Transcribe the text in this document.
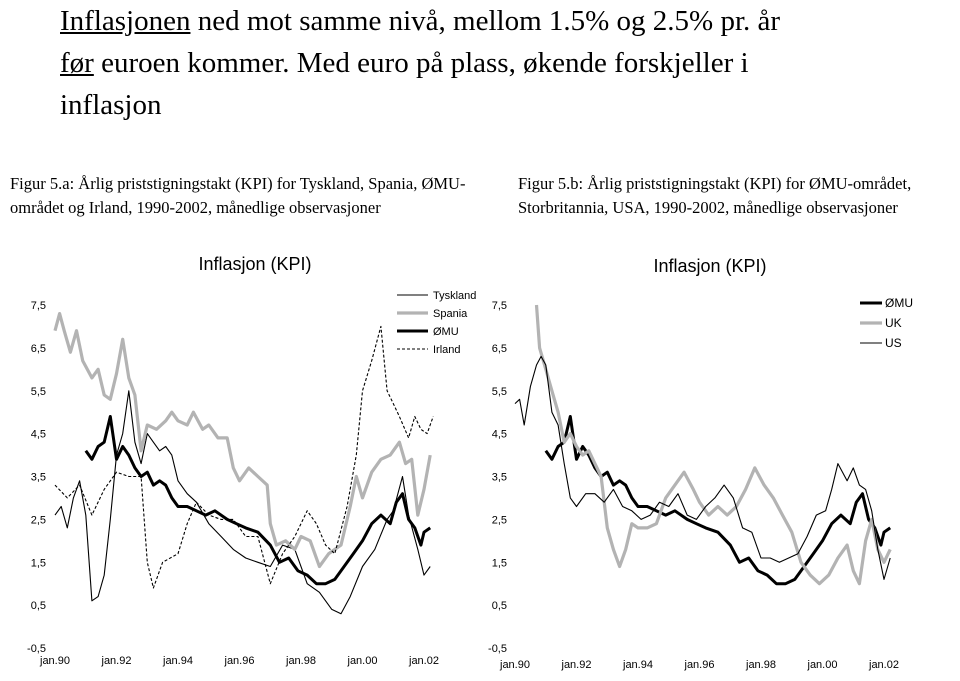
Inflasjonen ned mot samme nivå, mellom 1.5% og 2.5% pr. år
før euroen kommer. Med euro på plass, økende forskjeller i
inflasjon
Figur 5.a: Årlig priststigningstakt (KPI) for Tyskland, Spania, ØMU-området og Irland, 1990-2002, månedlige observasjoner
Figur 5.b: Årlig priststigningstakt (KPI) for ØMU-området, Storbritannia, USA, 1990-2002, månedlige observasjoner
Inflasjon (KPI)
7,5
6,5
5,5
4,5
3,5
2,5
1,5
0,5
-0,5
jan.90	jan.92	jan.94	jan.96	jan.98	jan.00	jan.02
Tyskland
Spania
ØMU
Irland
Inflasjon (KPI)
7,5
6,5
5,5
4,5
3,5
2,5
1,5
0,5
-0,5
jan.90	jan.92	jan.94	jan.96	jan.98	jan.00	jan.02
ØMU
UK
US
